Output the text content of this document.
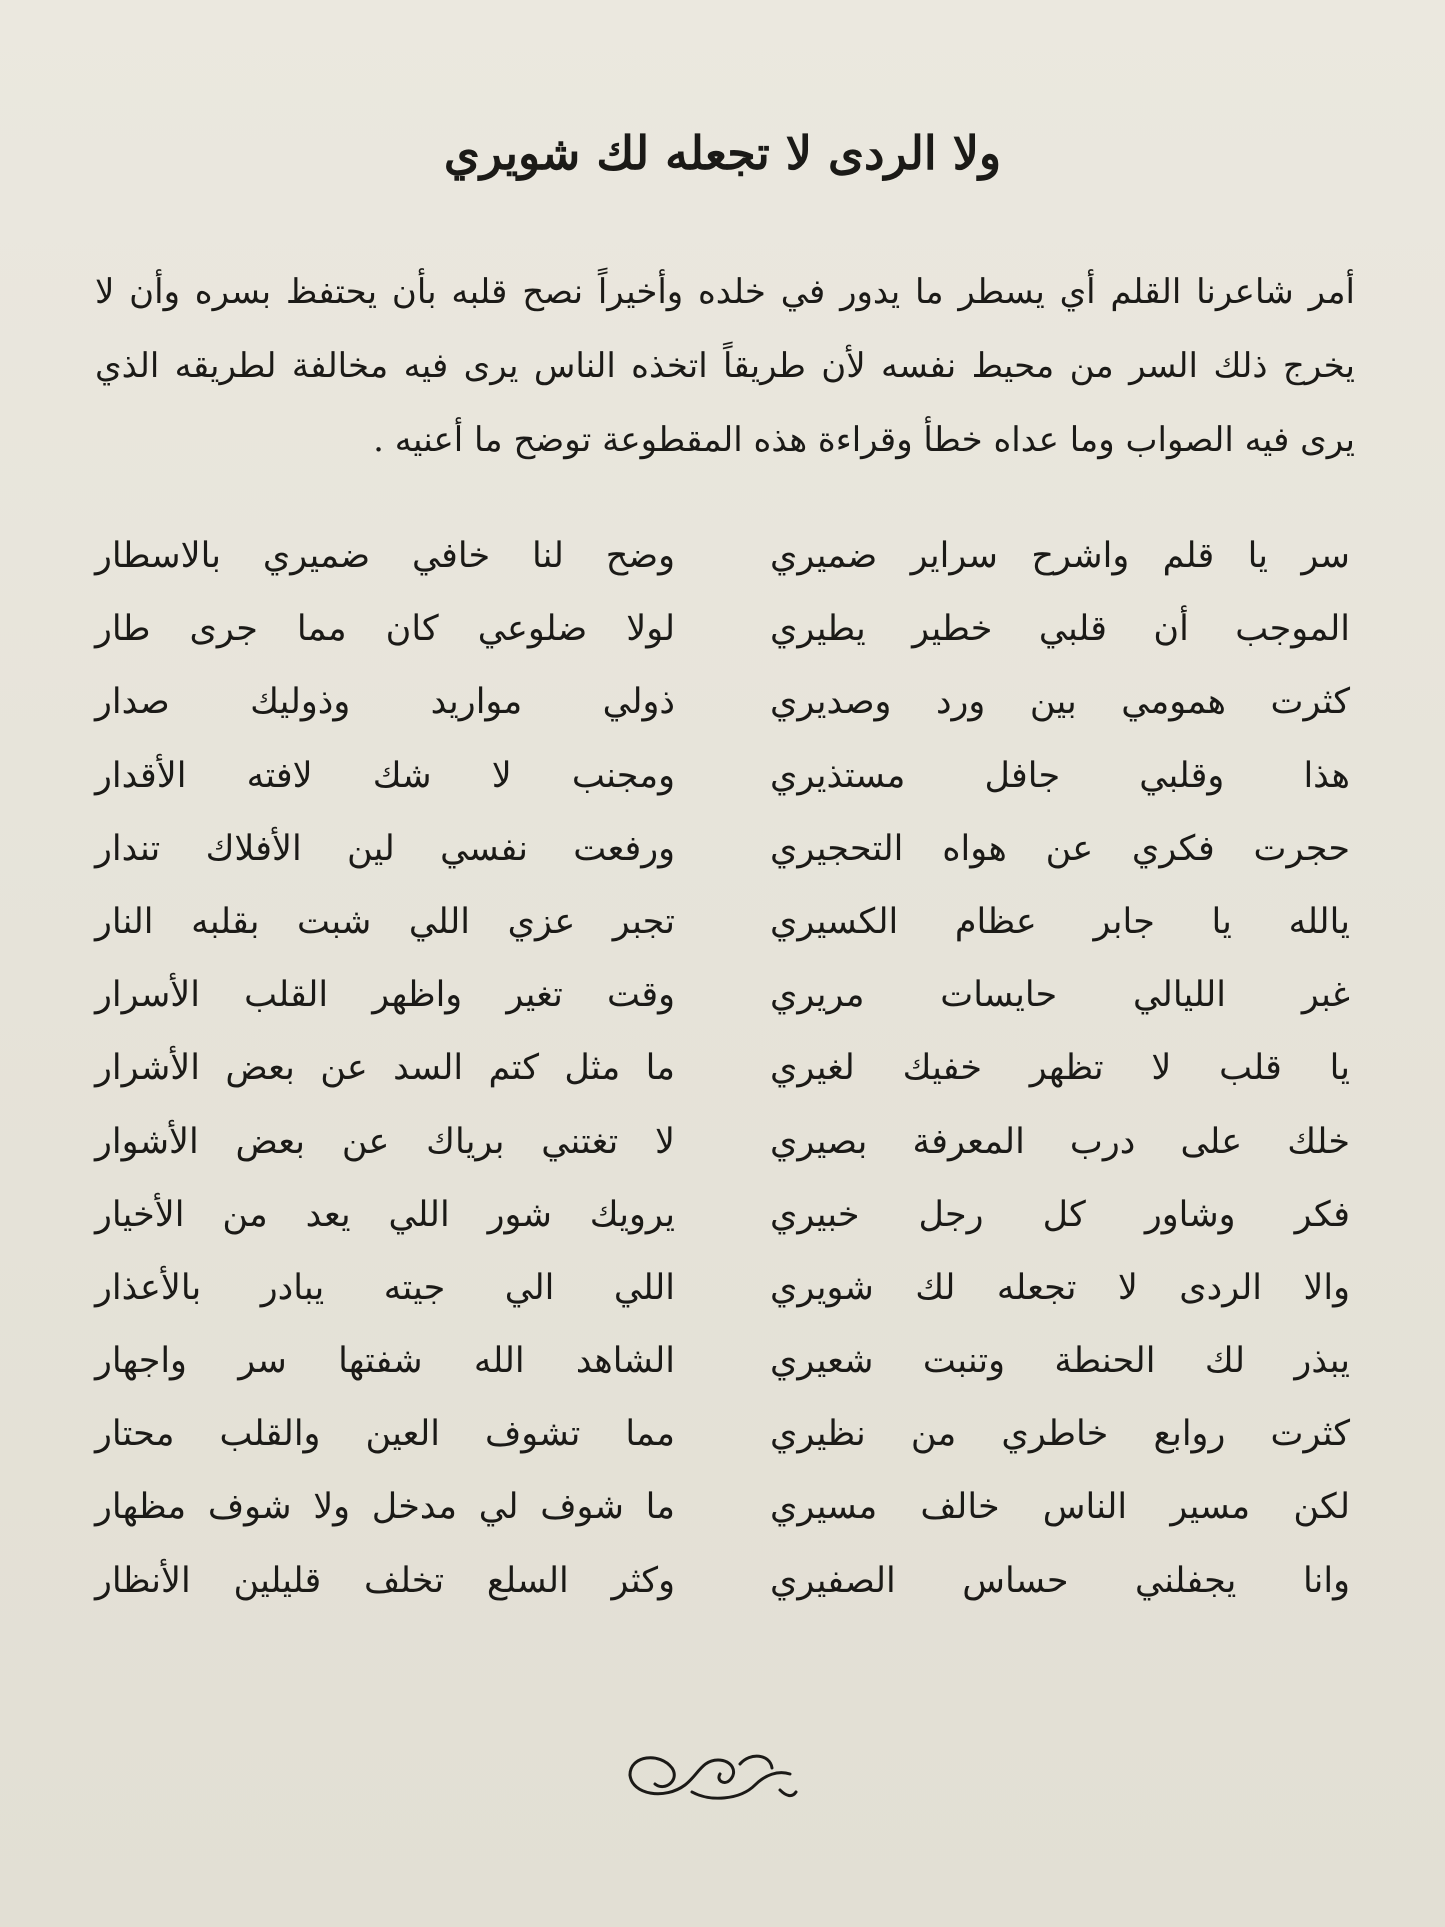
ولا الردى لا تجعله لك شويري

أمر شاعرنا القلم أي يسطر ما يدور في خلده وأخيراً نصح قلبه بأن يحتفظ بسره وأن لا يخرج ذلك السر من محيط نفسه لأن طريقاً اتخذه الناس يرى فيه مخالفة لطريقه الذي يرى فيه الصواب وما عداه خطأ وقراءة هذه المقطوعة توضح ما أعنيه .

سر يا قلم واشرح سراير ضميري
الموجب أن قلبي خطير يطيري
كثرت همومي بين ورد وصديري
هذا وقلبي جافل مستذيري
حجرت فكري عن هواه التحجيري
يالله يا جابر عظام الكسيري
غبر الليالي حايسات مريري
يا قلب لا تظهر خفيك لغيري
خلك على درب المعرفة بصيري
فكر وشاور كل رجل خبيري
والا الردى لا تجعله لك شويري
يبذر لك الحنطة وتنبت شعيري
كثرت روابع خاطري من نظيري
لكن مسير الناس خالف مسيري
وانا يجفلني حساس الصفيري
وضح لنا خافي ضميري بالاسطار
لولا ضلوعي كان مما جرى طار
ذولي مواريد وذوليك صدار
ومجنب لا شك لافته الأقدار
ورفعت نفسي لين الأفلاك تندار
تجبر عزي اللي شبت بقلبه النار
وقت تغير واظهر القلب الأسرار
ما مثل كتم السد عن بعض الأشرار
لا تغتني برياك عن بعض الأشوار
يرويك شور اللي يعد من الأخيار
اللي الي جيته يبادر بالأعذار
الشاهد الله شفتها سر واجهار
مما تشوف العين والقلب محتار
ما شوف لي مدخل ولا شوف مظهار
وكثر السلع تخلف قليلين الأنظار
